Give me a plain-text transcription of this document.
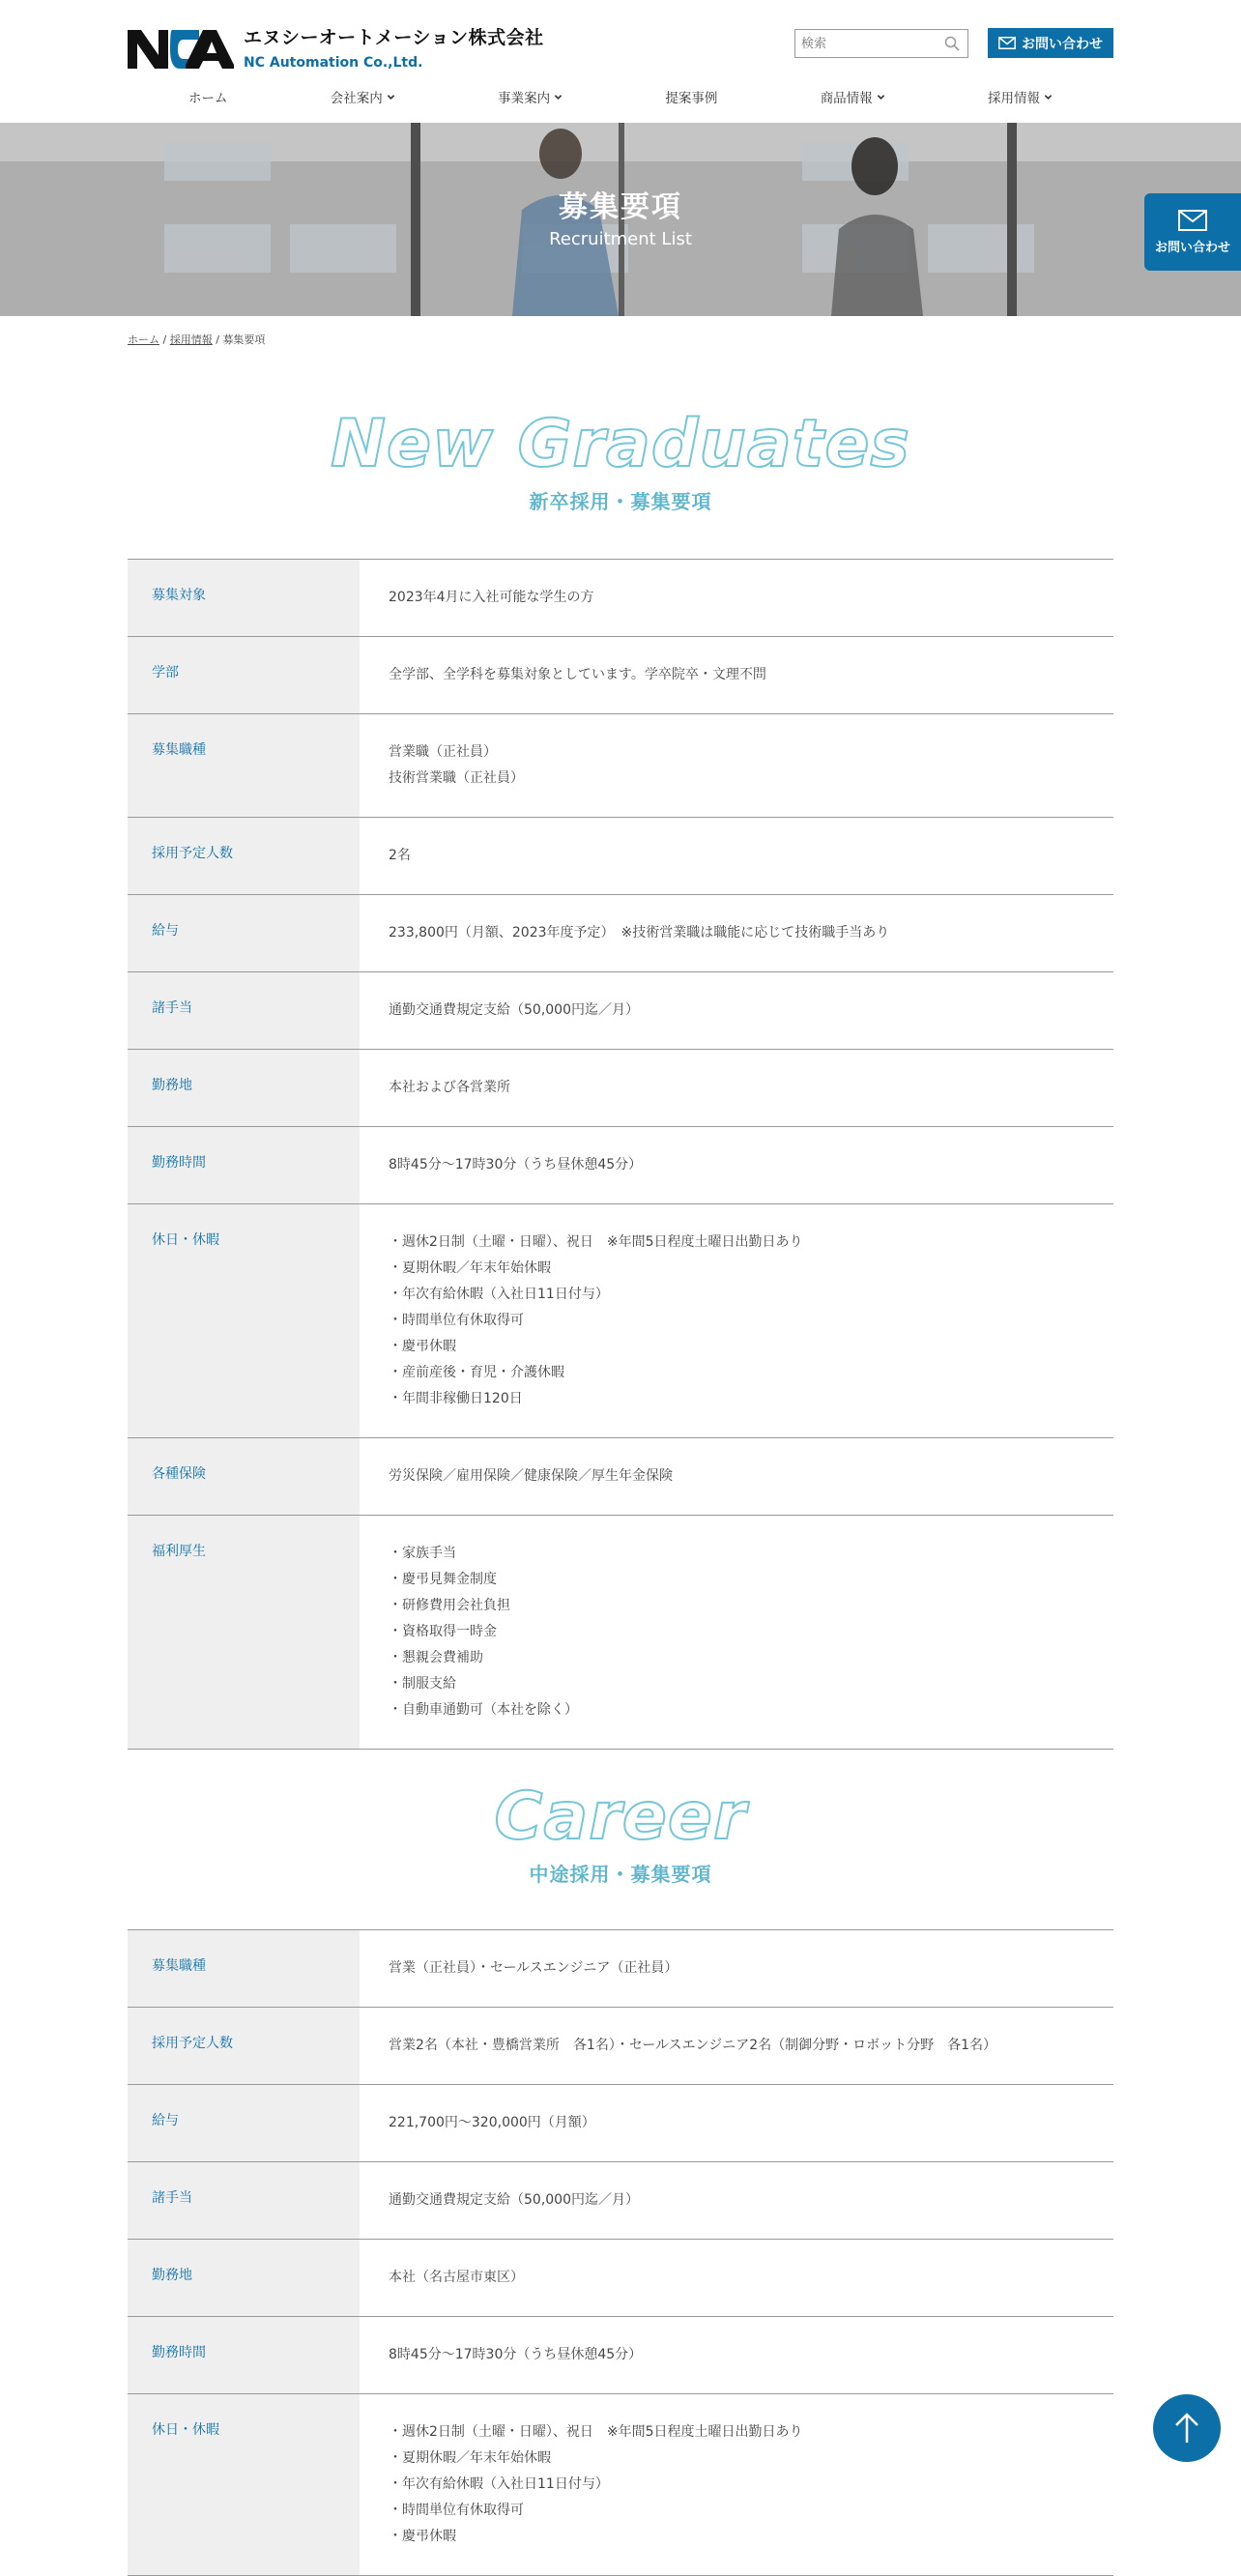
エヌシーオートメーション株式会社
NC Automation Co.,Ltd.
検索
お問い合わせ
ホーム	会社案内	事業案内	提案事例	商品情報	採用情報
募集要項
Recruitment List	お問い合わせ
ホーム / 採用情報 / 募集要項
New Graduates
新卒採用・募集要項
募集対象	2023年4月に入社可能な学生の方
学部	全学部、全学科を募集対象としています。学卒院卒・文理不問
募集職種	営業職（正社員）
技術営業職（正社員）
採用予定人数	2名
給与	233,800円（月額、2023年度予定）　※技術営業職は職能に応じて技術職手当あり
諸手当	通勤交通費規定支給（50,000円迄／月）
勤務地	本社および各営業所
勤務時間	8時45分～17時30分（うち昼休憩45分）
休日・休暇	・週休2日制（土曜・日曜）、祝日　※年間5日程度土曜日出勤日あり
・夏期休暇／年末年始休暇
・年次有給休暇（入社日11日付与）
・時間単位有休取得可
・慶弔休暇
・産前産後・育児・介護休暇
・年間非稼働日120日
各種保険	労災保険／雇用保険／健康保険／厚生年金保険
福利厚生	・家族手当
・慶弔見舞金制度
・研修費用会社負担
・資格取得一時金
・懇親会費補助
・制服支給
・自動車通勤可（本社を除く）
Career
中途採用・募集要項
募集職種	営業（正社員）・セールスエンジニア（正社員）
採用予定人数	営業2名（本社・豊橋営業所　各1名）・セールスエンジニア2名（制御分野・ロボット分野　各1名）
給与	221,700円〜320,000円（月額）
諸手当	通勤交通費規定支給（50,000円迄／月）
勤務地	本社（名古屋市東区）
勤務時間	8時45分～17時30分（うち昼休憩45分）
休日・休暇	・週休2日制（土曜・日曜）、祝日　※年間5日程度土曜日出勤日あり
・夏期休暇／年末年始休暇
・年次有給休暇（入社日11日付与）
・時間単位有休取得可
・慶弔休暇
